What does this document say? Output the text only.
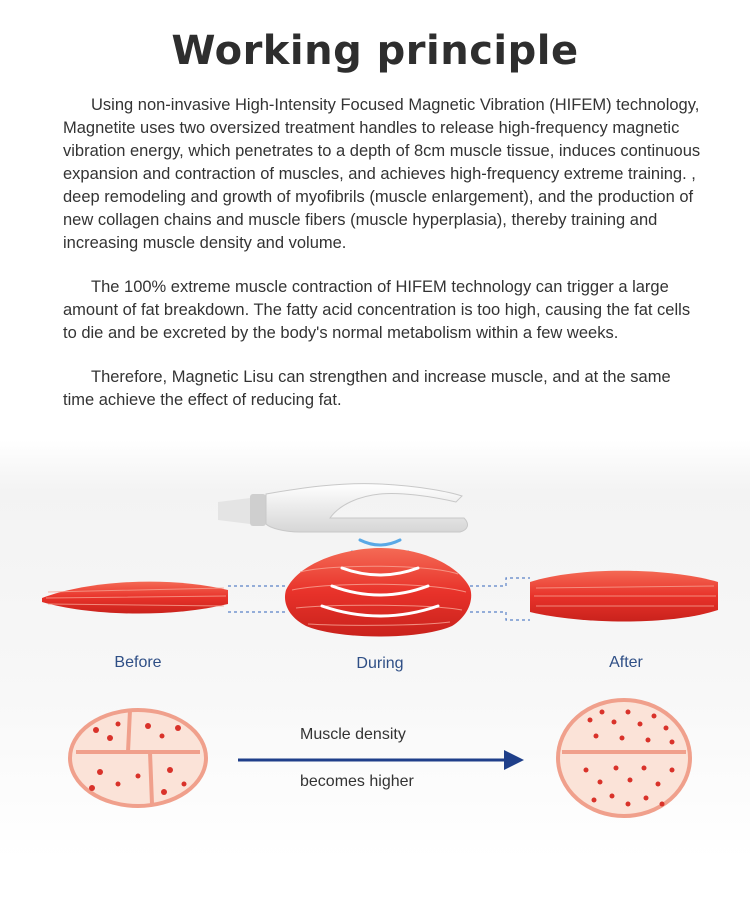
Working principle

Using non-invasive High-Intensity Focused Magnetic Vibration (HIFEM) technology, Magnetite uses two oversized treatment handles to release high-frequency magnetic vibration energy, which penetrates to a depth of 8cm muscle tissue, induces continuous expansion and contraction of muscles, and achieves high-frequency extreme training. , deep remodeling and growth of myofibrils (muscle enlargement), and the production of new collagen chains and muscle fibers (muscle hyperplasia), thereby training and increasing muscle density and volume.

The 100% extreme muscle contraction of HIFEM technology can trigger a large amount of fat breakdown. The fatty acid concentration is too high, causing the fat cells to die and be excreted by the body's normal metabolism within a few weeks.

Therefore, Magnetic Lisu can strengthen and increase muscle, and at the same time achieve the effect of reducing fat.

Before	During	After
Muscle density
becomes higher
